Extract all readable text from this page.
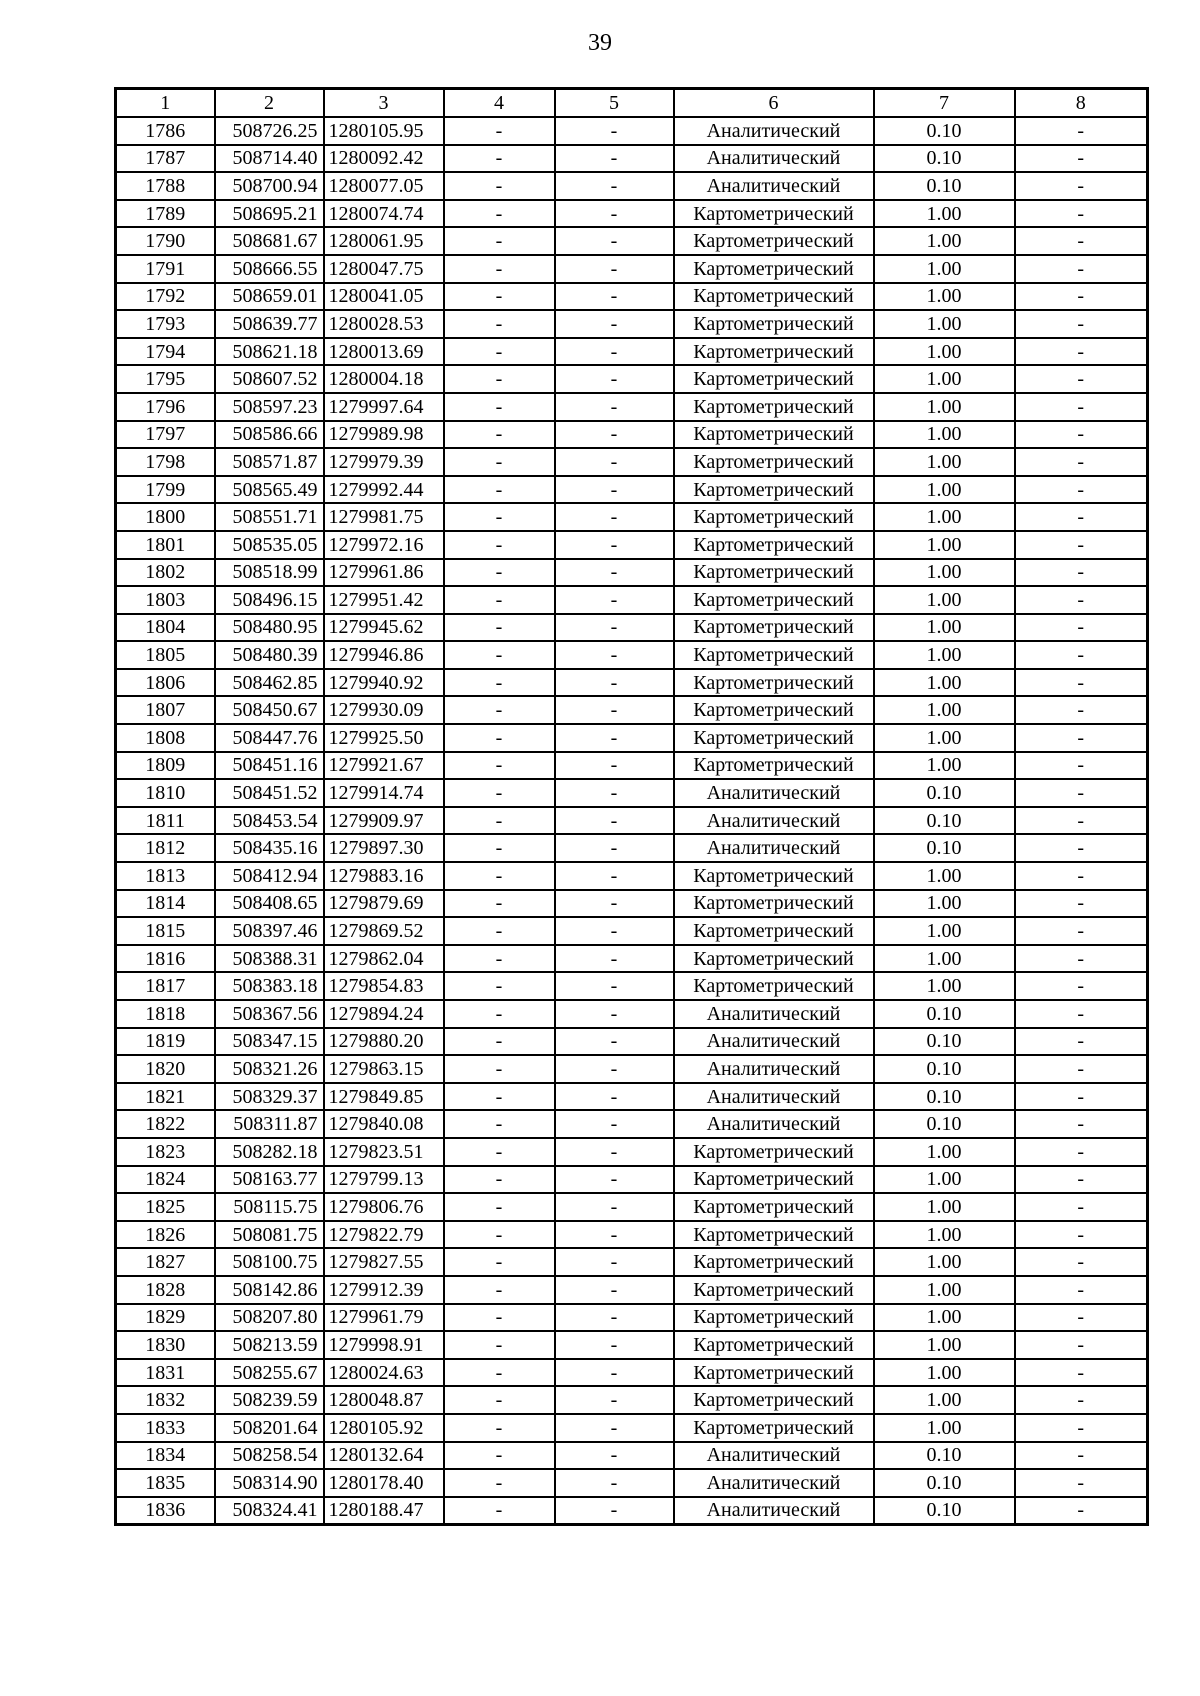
39
1	2	3	4	5	6	7	8
1786	508726.25	1280105.95	-	-	Аналитический	0.10	-
1787	508714.40	1280092.42	-	-	Аналитический	0.10	-
1788	508700.94	1280077.05	-	-	Аналитический	0.10	-
1789	508695.21	1280074.74	-	-	Картометрический	1.00	-
1790	508681.67	1280061.95	-	-	Картометрический	1.00	-
1791	508666.55	1280047.75	-	-	Картометрический	1.00	-
1792	508659.01	1280041.05	-	-	Картометрический	1.00	-
1793	508639.77	1280028.53	-	-	Картометрический	1.00	-
1794	508621.18	1280013.69	-	-	Картометрический	1.00	-
1795	508607.52	1280004.18	-	-	Картометрический	1.00	-
1796	508597.23	1279997.64	-	-	Картометрический	1.00	-
1797	508586.66	1279989.98	-	-	Картометрический	1.00	-
1798	508571.87	1279979.39	-	-	Картометрический	1.00	-
1799	508565.49	1279992.44	-	-	Картометрический	1.00	-
1800	508551.71	1279981.75	-	-	Картометрический	1.00	-
1801	508535.05	1279972.16	-	-	Картометрический	1.00	-
1802	508518.99	1279961.86	-	-	Картометрический	1.00	-
1803	508496.15	1279951.42	-	-	Картометрический	1.00	-
1804	508480.95	1279945.62	-	-	Картометрический	1.00	-
1805	508480.39	1279946.86	-	-	Картометрический	1.00	-
1806	508462.85	1279940.92	-	-	Картометрический	1.00	-
1807	508450.67	1279930.09	-	-	Картометрический	1.00	-
1808	508447.76	1279925.50	-	-	Картометрический	1.00	-
1809	508451.16	1279921.67	-	-	Картометрический	1.00	-
1810	508451.52	1279914.74	-	-	Аналитический	0.10	-
1811	508453.54	1279909.97	-	-	Аналитический	0.10	-
1812	508435.16	1279897.30	-	-	Аналитический	0.10	-
1813	508412.94	1279883.16	-	-	Картометрический	1.00	-
1814	508408.65	1279879.69	-	-	Картометрический	1.00	-
1815	508397.46	1279869.52	-	-	Картометрический	1.00	-
1816	508388.31	1279862.04	-	-	Картометрический	1.00	-
1817	508383.18	1279854.83	-	-	Картометрический	1.00	-
1818	508367.56	1279894.24	-	-	Аналитический	0.10	-
1819	508347.15	1279880.20	-	-	Аналитический	0.10	-
1820	508321.26	1279863.15	-	-	Аналитический	0.10	-
1821	508329.37	1279849.85	-	-	Аналитический	0.10	-
1822	508311.87	1279840.08	-	-	Аналитический	0.10	-
1823	508282.18	1279823.51	-	-	Картометрический	1.00	-
1824	508163.77	1279799.13	-	-	Картометрический	1.00	-
1825	508115.75	1279806.76	-	-	Картометрический	1.00	-
1826	508081.75	1279822.79	-	-	Картометрический	1.00	-
1827	508100.75	1279827.55	-	-	Картометрический	1.00	-
1828	508142.86	1279912.39	-	-	Картометрический	1.00	-
1829	508207.80	1279961.79	-	-	Картометрический	1.00	-
1830	508213.59	1279998.91	-	-	Картометрический	1.00	-
1831	508255.67	1280024.63	-	-	Картометрический	1.00	-
1832	508239.59	1280048.87	-	-	Картометрический	1.00	-
1833	508201.64	1280105.92	-	-	Картометрический	1.00	-
1834	508258.54	1280132.64	-	-	Аналитический	0.10	-
1835	508314.90	1280178.40	-	-	Аналитический	0.10	-
1836	508324.41	1280188.47	-	-	Аналитический	0.10	-
